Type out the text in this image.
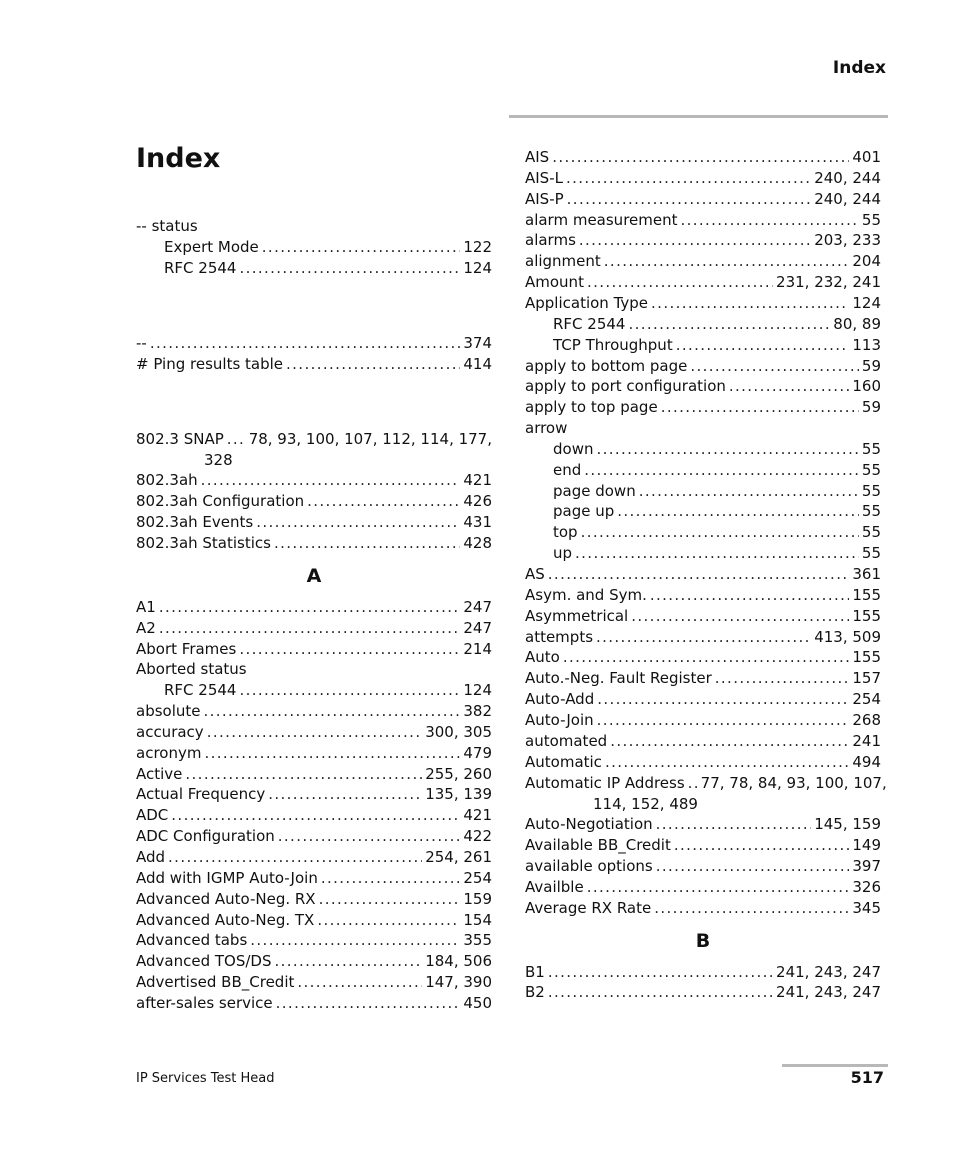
Index
Index
-- status
Expert Mode . . .	122
RFC 2544 . . .	124
-- . . .	374
# Ping results table . . .	414
802.3 SNAP . . . 78, 93, 100, 107, 112, 114, 177,
328
802.3ah . . .	421
802.3ah Configuration . . .	426
802.3ah Events . . .	431
802.3ah Statistics . . .	428
A
A1 . . .	247
A2 . . .	247
Abort Frames . . .	214
Aborted status
RFC 2544 . . .	124
absolute . . .	382
accuracy . . .	300, 305
acronym . . .	479
Active . . .	255, 260
Actual Frequency . . .	135, 139
ADC . . .	421
ADC Configuration . . .	422
Add . . .	254, 261
Add with IGMP Auto-Join . . .	254
Advanced Auto-Neg. RX . . .	159
Advanced Auto-Neg. TX . . .	154
Advanced tabs . . .	355
Advanced TOS/DS . . .	184, 506
Advertised BB_Credit . . .	147, 390
after-sales service . . .	450
AIS . . .	401
AIS-L . . .	240, 244
AIS-P . . .	240, 244
alarm measurement . . .	55
alarms . . .	203, 233
alignment . . .	204
Amount . . .	231, 232, 241
Application Type . . .	124
RFC 2544 . . .	80, 89
TCP Throughput . . .	113
apply to bottom page . . .	59
apply to port configuration . . .	160
apply to top page . . .	59
arrow
down . . .	55
end . . .	55
page down . . .	55
page up . . .	55
top . . .	55
up . . .	55
AS . . .	361
Asym. and Sym. . . .	155
Asymmetrical . . .	155
attempts . . .	413, 509
Auto . . .	155
Auto.-Neg. Fault Register . . .	157
Auto-Add . . .	254
Auto-Join . . .	268
automated . . .	241
Automatic . . .	494
Automatic IP Address . . . 77, 78, 84, 93, 100, 107,
114, 152, 489
Auto-Negotiation . . .	145, 159
Available BB_Credit . . .	149
available options . . .	397
Availble . . .	326
Average RX Rate . . .	345
B
B1 . . .	241, 243, 247
B2 . . .	241, 243, 247
IP Services Test Head	517
